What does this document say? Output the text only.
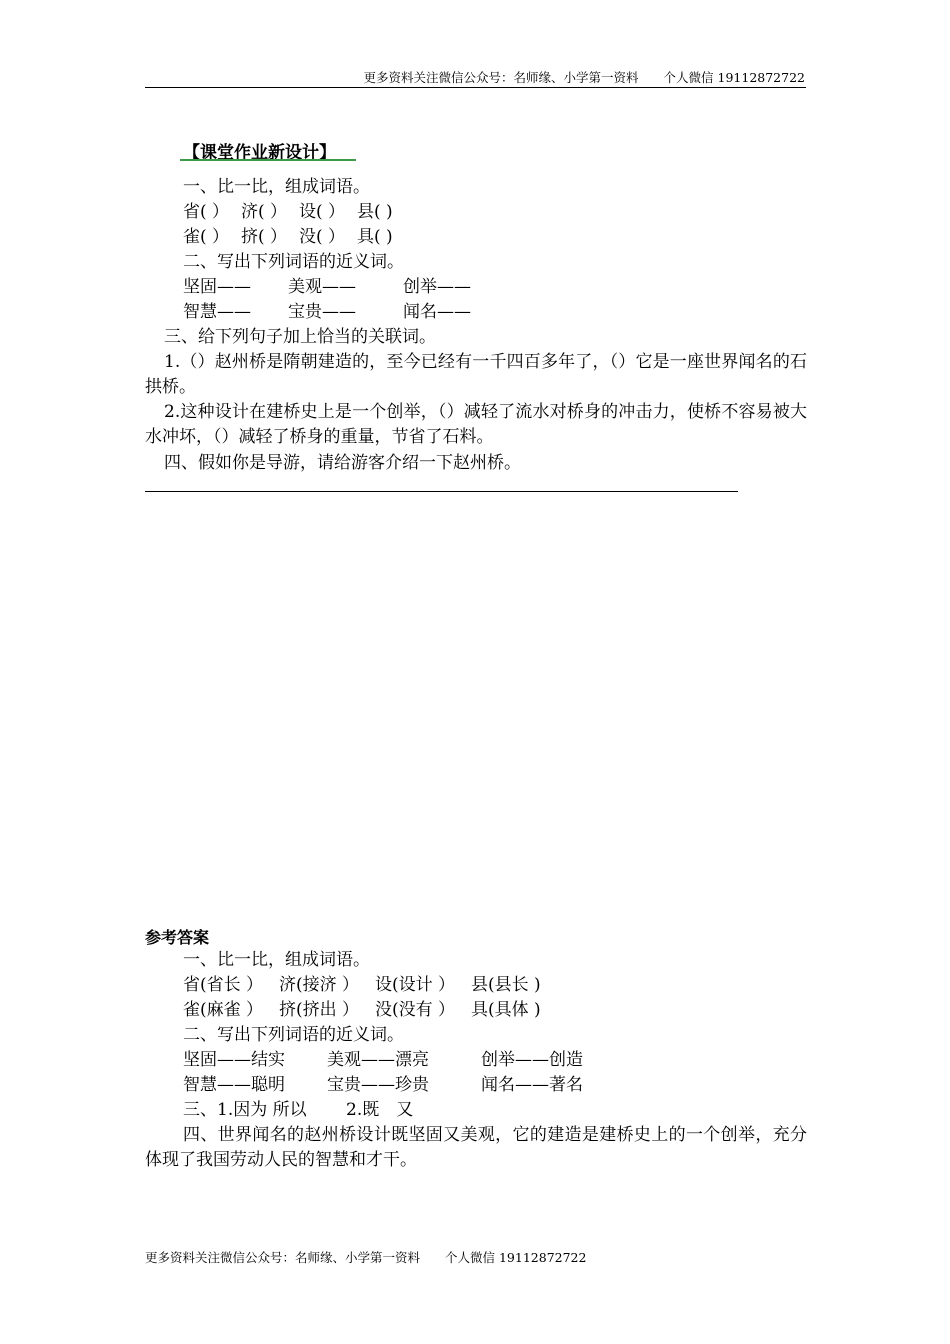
更多资料关注微信公众号：名师缘、小学第一资料　　个人微信 19112872722
【课堂作业新设计】
一、比一比，组成词语。
省( ） 济( ） 设( ） 县( )
雀( ） 挤( ） 没( ） 具( )
二、写出下列词语的近义词。
坚固—— 美观——	创举——
智慧—— 宝贵——	闻名——
三、给下列句子加上恰当的关联词。
1.（）赵州桥是隋朝建造的，至今已经有一千四百多年了，（）它是一座世界闻名的石拱桥。
2.这种设计在建桥史上是一个创举，（）减轻了流水对桥身的冲击力，使桥不容易被大水冲坏，（）减轻了桥身的重量，节省了石料。
四、假如你是导游，请给游客介绍一下赵州桥。
参考答案
一、比一比，组成词语。
省(省长 ） 济(接济 ） 设(设计 ） 县(县长 )
雀(麻雀 ） 挤(挤出 ） 没(没有 ） 具(具体 )
二、写出下列词语的近义词。
坚固——结实 美观——漂亮	创举——创造
智慧——聪明 宝贵——珍贵	闻名——著名
三、1.因为 所以　　 2.既　又
四、世界闻名的赵州桥设计既坚固又美观，它的建造是建桥史上的一个创举，充分体现了我国劳动人民的智慧和才干。
更多资料关注微信公众号：名师缘、小学第一资料　　个人微信 19112872722
